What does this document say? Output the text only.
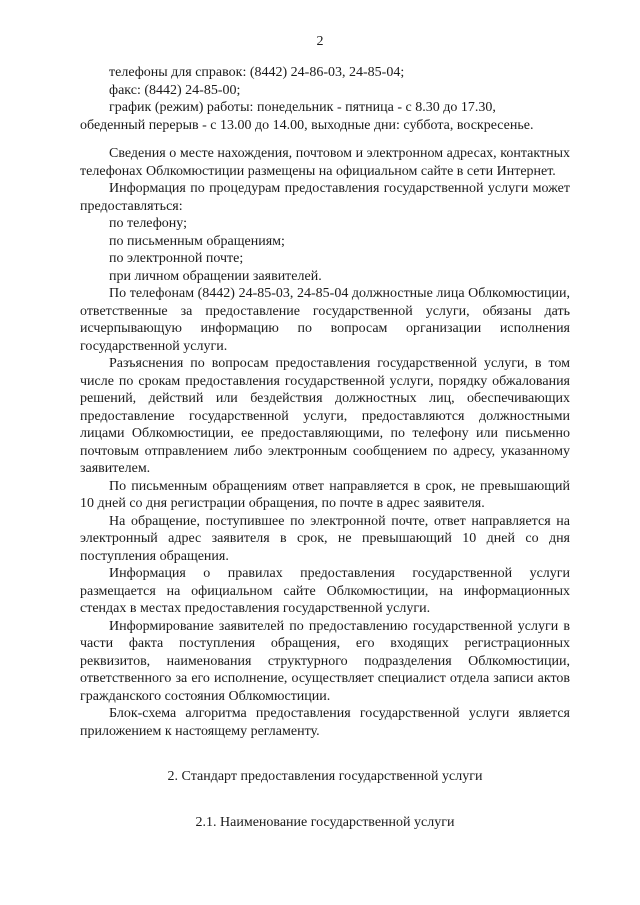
2
телефоны для справок: (8442) 24-86-03, 24-85-04;
факс: (8442) 24-85-00;
график (режим) работы: понедельник - пятница - с 8.30 до 17.30,
обеденный перерыв - с 13.00 до 14.00, выходные дни: суббота, воскресенье.

Сведения о месте нахождения, почтовом и электронном адресах, контактных телефонах Облкомюстиции размещены на официальном сайте в сети Интернет.

Информация по процедурам предоставления государственной услуги может предоставляться:

по телефону;
по письменным обращениям;
по электронной почте;
при личном обращении заявителей.

По телефонам (8442) 24-85-03, 24-85-04 должностные лица Облкомюстиции, ответственные за предоставление государственной услуги, обязаны дать исчерпывающую информацию по вопросам организации исполнения государственной услуги.

Разъяснения по вопросам предоставления государственной услуги, в том числе по срокам предоставления государственной услуги, порядку обжалования решений, действий или бездействия должностных лиц, обеспечивающих предоставление государственной услуги, предоставляются должностными лицами Облкомюстиции, ее предоставляющими, по телефону или письменно почтовым отправлением либо электронным сообщением по адресу, указанному заявителем.

По письменным обращениям ответ направляется в срок, не превышающий 10 дней со дня регистрации обращения, по почте в адрес заявителя.

На обращение, поступившее по электронной почте, ответ направляется на электронный адрес заявителя в срок, не превышающий 10 дней со дня поступления обращения.

Информация о правилах предоставления государственной услуги размещается на официальном сайте Облкомюстиции, на информационных стендах в местах предоставления государственной услуги.

Информирование заявителей по предоставлению государственной услуги в части факта поступления обращения, его входящих регистрационных реквизитов, наименования структурного подразделения Облкомюстиции, ответственного за его исполнение, осуществляет специалист отдела записи актов гражданского состояния Облкомюстиции.

Блок-схема алгоритма предоставления государственной услуги является приложением к настоящему регламенту.

2. Стандарт предоставления государственной услуги

2.1. Наименование государственной услуги
